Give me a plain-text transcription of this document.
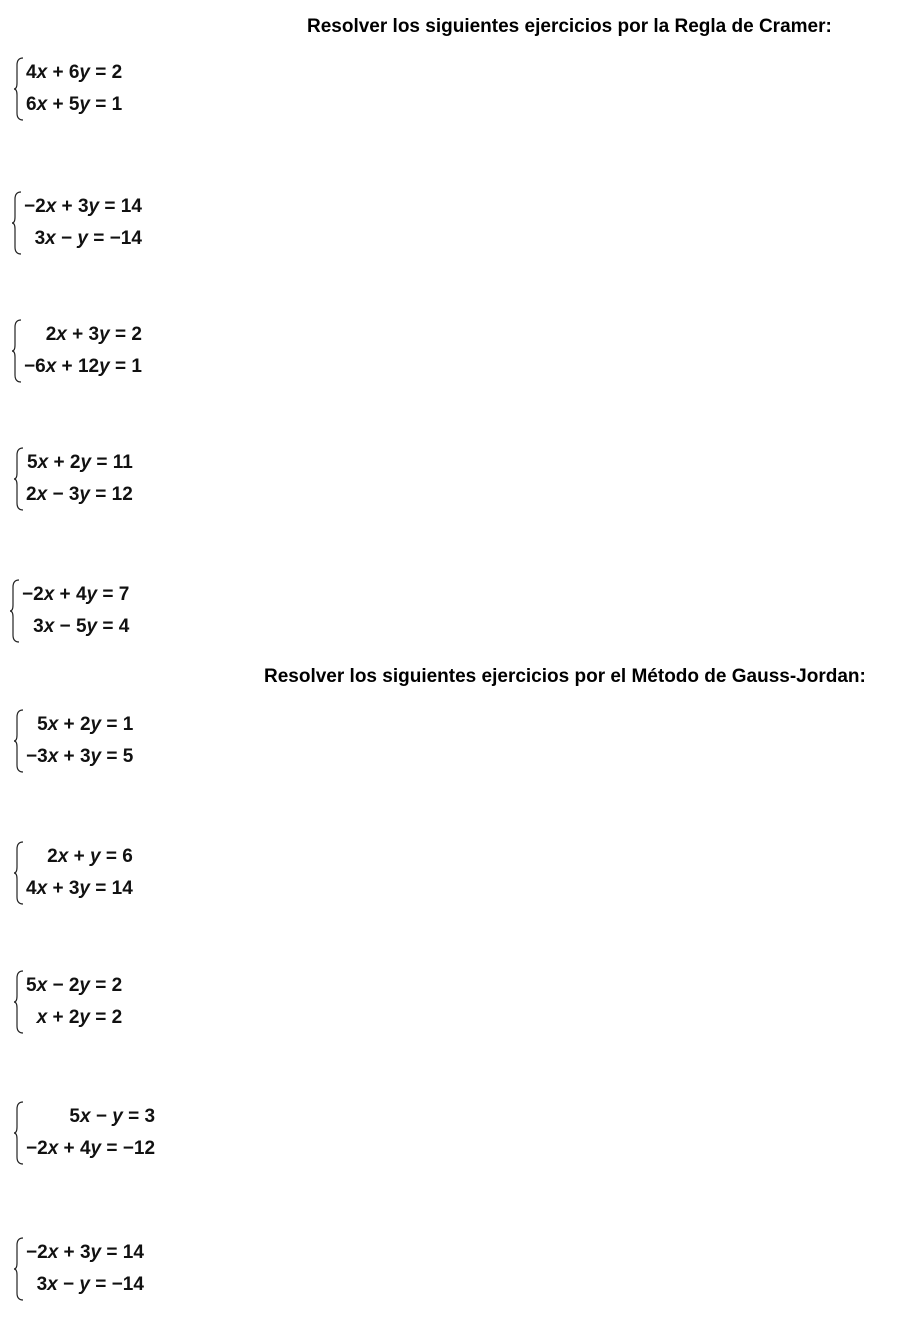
Resolver los siguientes ejercicios por la Regla de Cramer:
4x + 6y = 2
6x + 5y = 1
−2x + 3y = 14
3x − y = −14
2x + 3y = 2
−6x + 12y = 1
5x + 2y = 11
2x − 3y = 12
−2x + 4y = 7
3x − 5y = 4
Resolver los siguientes ejercicios por el Método de Gauss-Jordan:
5x + 2y = 1
−3x + 3y = 5
2x + y = 6
4x + 3y = 14
5x − 2y = 2
x + 2y = 2
5x − y = 3
−2x + 4y = −12
−2x + 3y = 14
3x − y = −14
